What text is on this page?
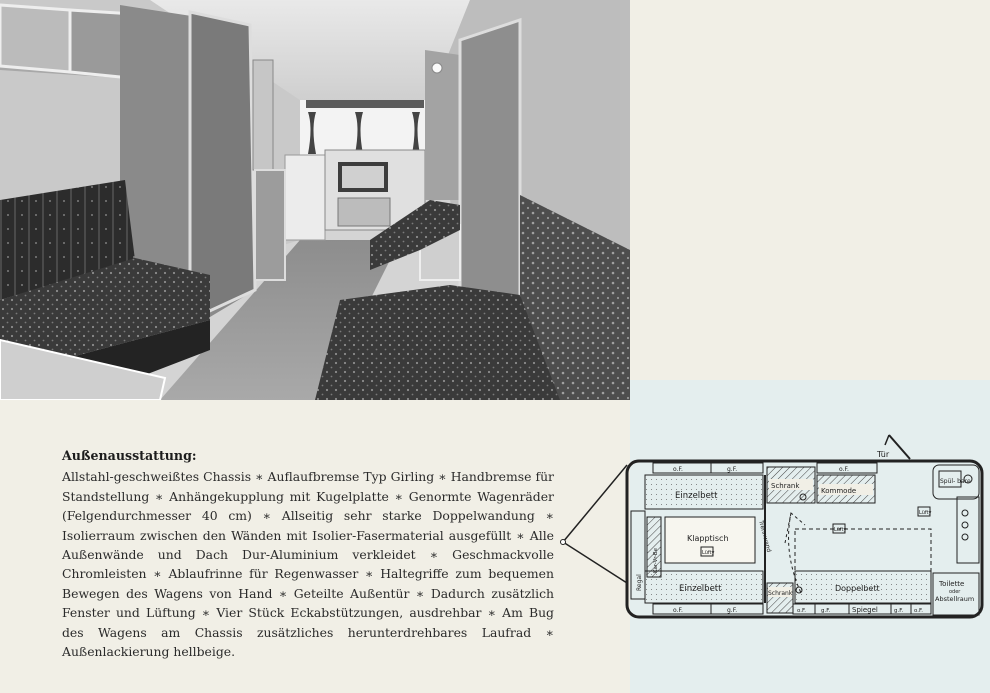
Außenausstattung:

Allstahl-geschweißtes Chassis ∗ Auflaufbremse Typ Girling ∗ Handbremse für Standstellung ∗ Anhängekupplung mit Kugelplatte ∗ Genormte Wagenräder (Felgendurchmesser 40 cm) ∗ Allseitig sehr starke Doppelwandung ∗ Isolierraum zwischen den Wänden mit Isolier-Fasermaterial ausgefüllt ∗ Alle Außenwände und Dach Dur-Aluminium verkleidet ∗ Geschmackvolle Chromleisten ∗ Ablaufrinne für Regenwasser ∗ Haltegriffe zum bequemen Bewegen des Wagens von Hand ∗ Geteilte Außentür ∗ Dadurch zusätzlich Fenster und Lüftung ∗ Vier Stück Eckabstützungen, ausdrehbar ∗ Am Bug des Wagens am Chassis zusätzliches herunterdrehbares Laufrad ∗ Außenlackierung hellbeige.

Tür
Spül- bare
Einzelbett
Einzelbett
Klapptisch
Schrank
Kommode
Doppelbett
Schrank
Toilette
oder
Abstellraum
Spiegel
Trennwand
Regal
Kar-Vr-Be
Lüfty
Lüfty
Lüfty
o.F.	g.F.	o.F.
o.F.	g.F.	o.F.	g.F.	g.F. o.F.
